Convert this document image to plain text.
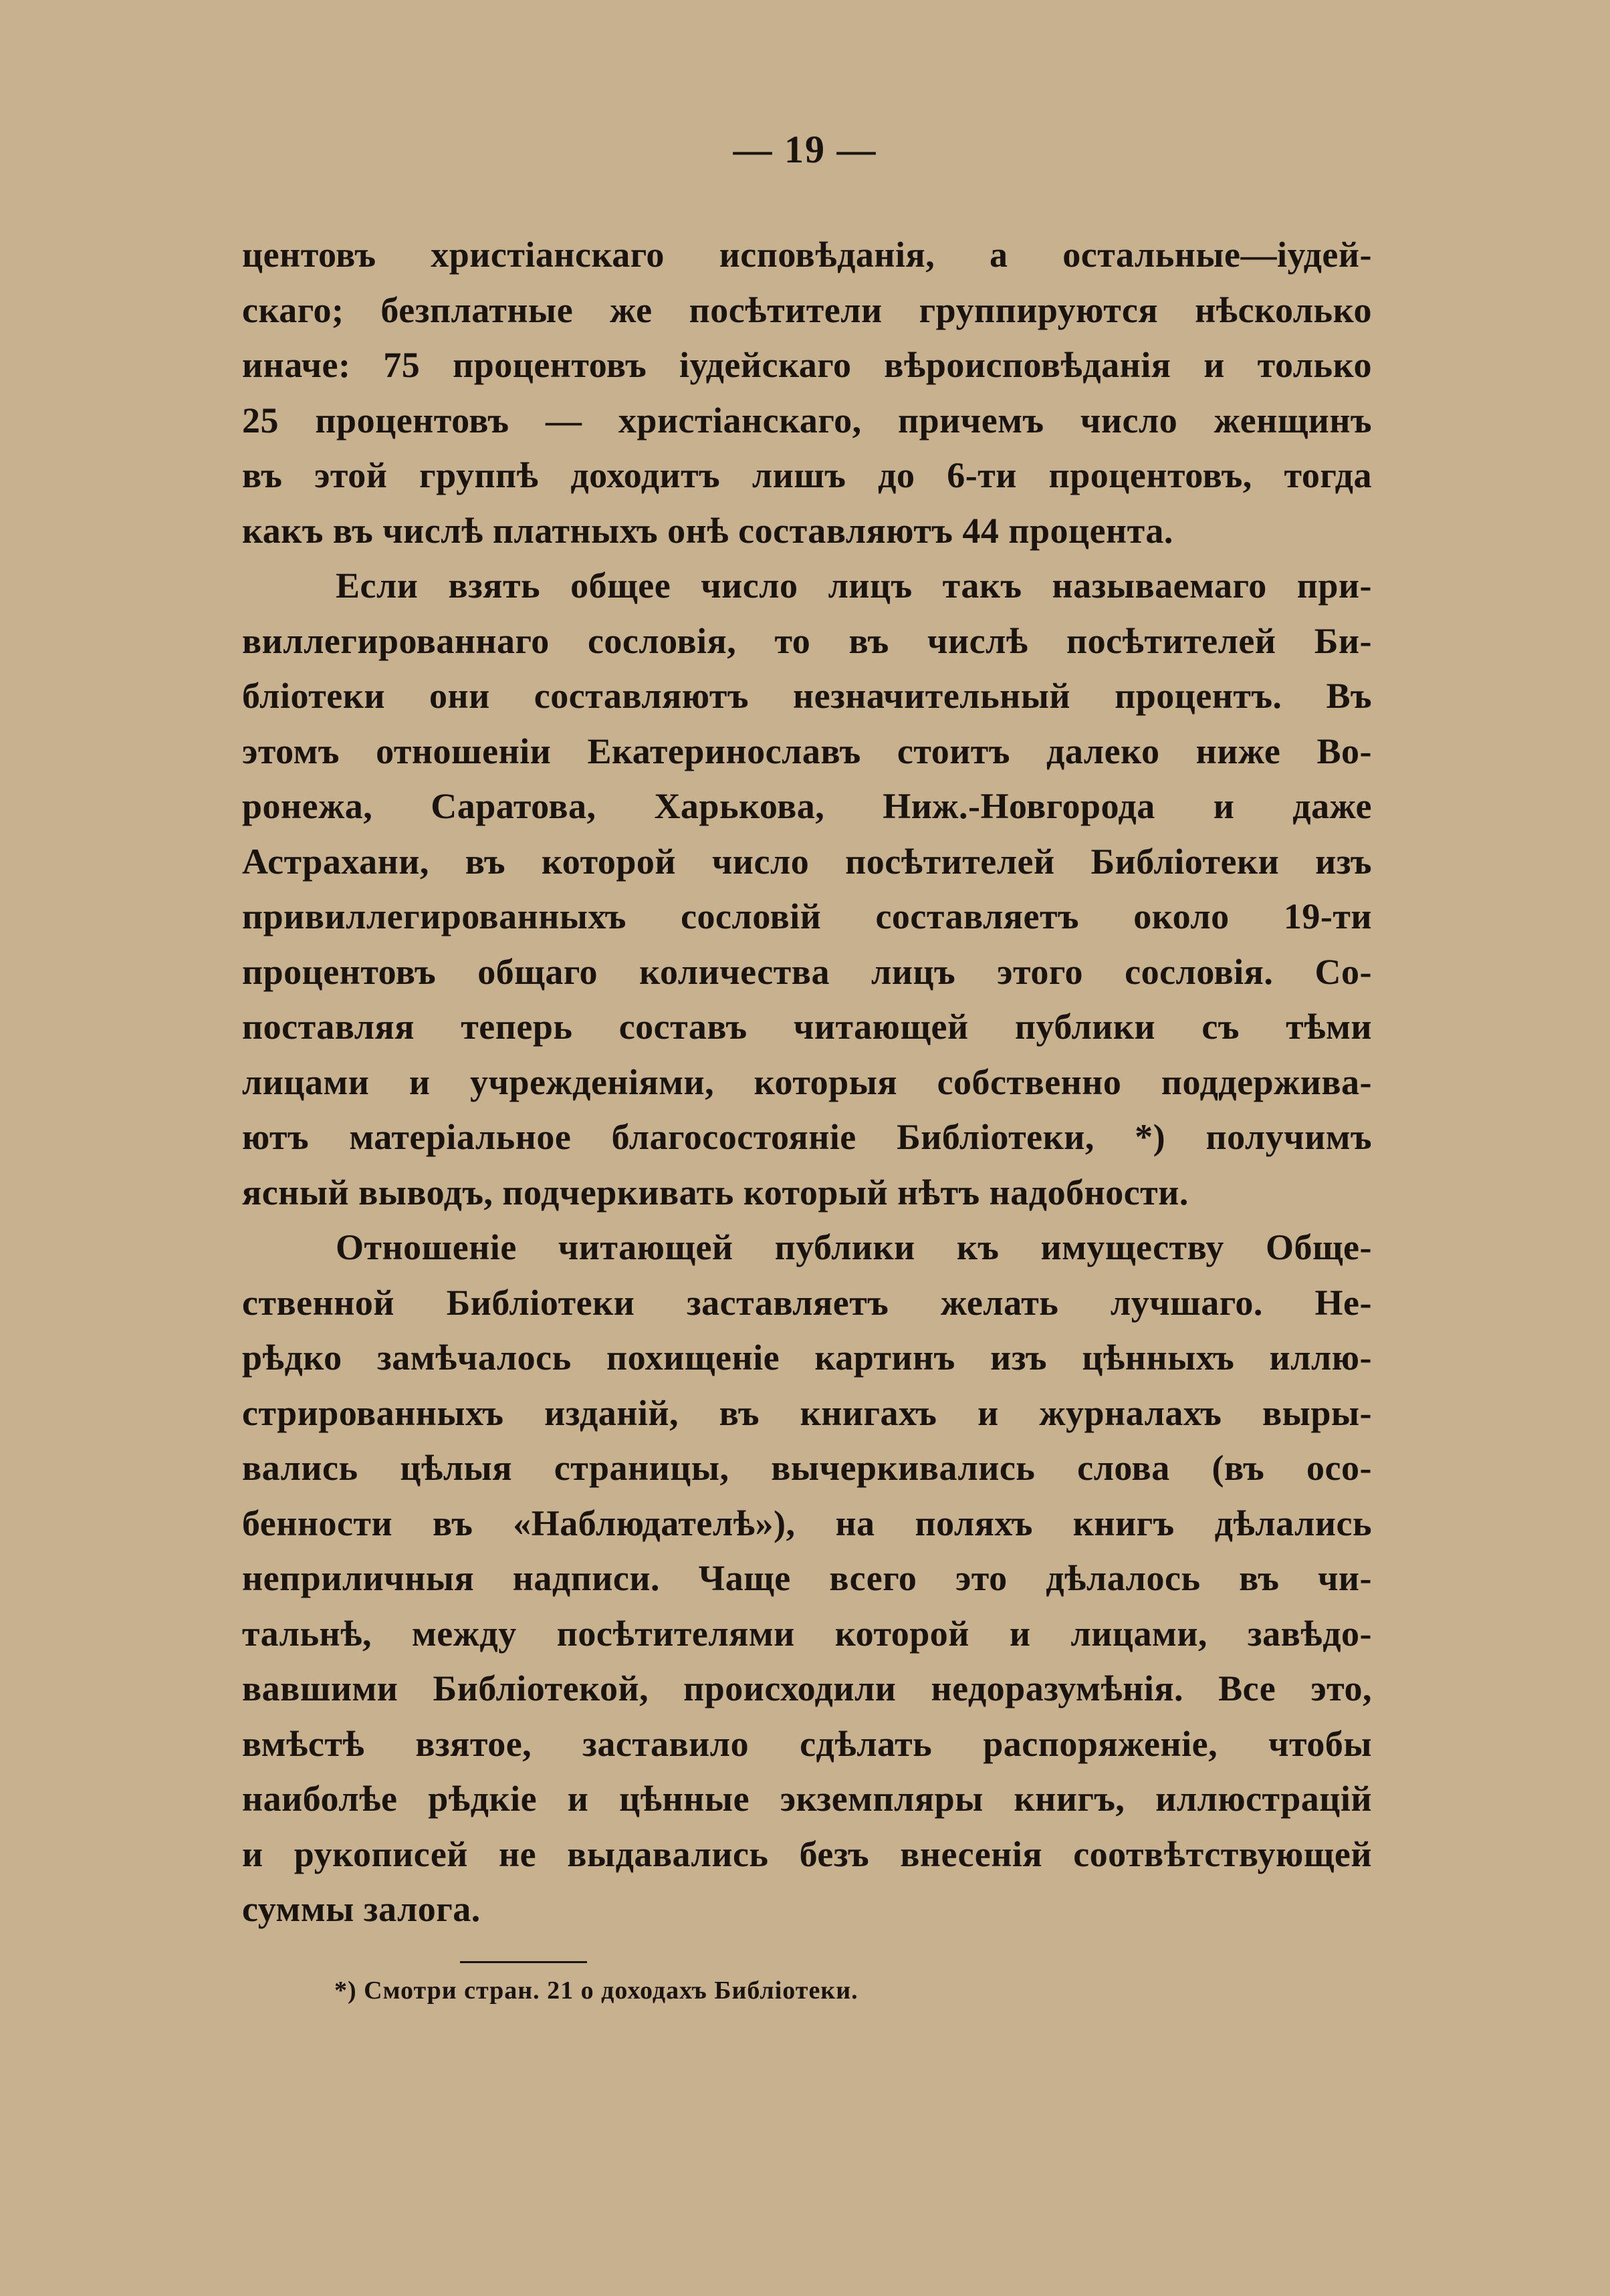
— 19 —
центовъ христіанскаго исповѣданія, а остальные—іудей-
скаго; безплатные же посѣтители группируются нѣсколько
иначе: 75 процентовъ іудейскаго вѣроисповѣданія и только
25 процентовъ — христіанскаго, причемъ число женщинъ
въ этой группѣ доходитъ лишъ до 6-ти процентовъ, тогда
какъ въ числѣ платныхъ онѣ составляютъ 44 процента.
Если взять общее число лицъ такъ называемаго при-
виллегированнаго сословія, то въ числѣ посѣтителей Би-
бліотеки они составляютъ незначительный процентъ. Въ
этомъ отношеніи Екатеринославъ стоитъ далеко ниже Во-
ронежа, Саратова, Харькова, Ниж.-Новгорода и даже
Астрахани, въ которой число посѣтителей Библіотеки изъ
привиллегированныхъ сословій составляетъ около 19-ти
процентовъ общаго количества лицъ этого сословія. Со-
поставляя теперь составъ читающей публики съ тѣми
лицами и учрежденіями, которыя собственно поддержива-
ютъ матеріальное благосостояніе Библіотеки, *) получимъ
ясный выводъ, подчеркивать который нѣтъ надобности.
Отношеніе читающей публики къ имуществу Обще-
ственной Библіотеки заставляетъ желать лучшаго. Не-
рѣдко замѣчалось похищеніе картинъ изъ цѣнныхъ иллю-
стрированныхъ изданій, въ книгахъ и журналахъ выры-
вались цѣлыя страницы, вычеркивались слова (въ осо-
бенности въ «Наблюдателѣ»), на поляхъ книгъ дѣлались
неприличныя надписи. Чаще всего это дѣлалось въ чи-
тальнѣ, между посѣтителями которой и лицами, завѣдо-
вавшими Библіотекой, происходили недоразумѣнія. Все это,
вмѣстѣ взятое, заставило сдѣлать распоряженіе, чтобы
наиболѣе рѣдкіе и цѣнные экземпляры книгъ, иллюстрацій
и рукописей не выдавались безъ внесенія соотвѣтствующей
суммы залога.
*) Смотри стран. 21 о доходахъ Библіотеки.
